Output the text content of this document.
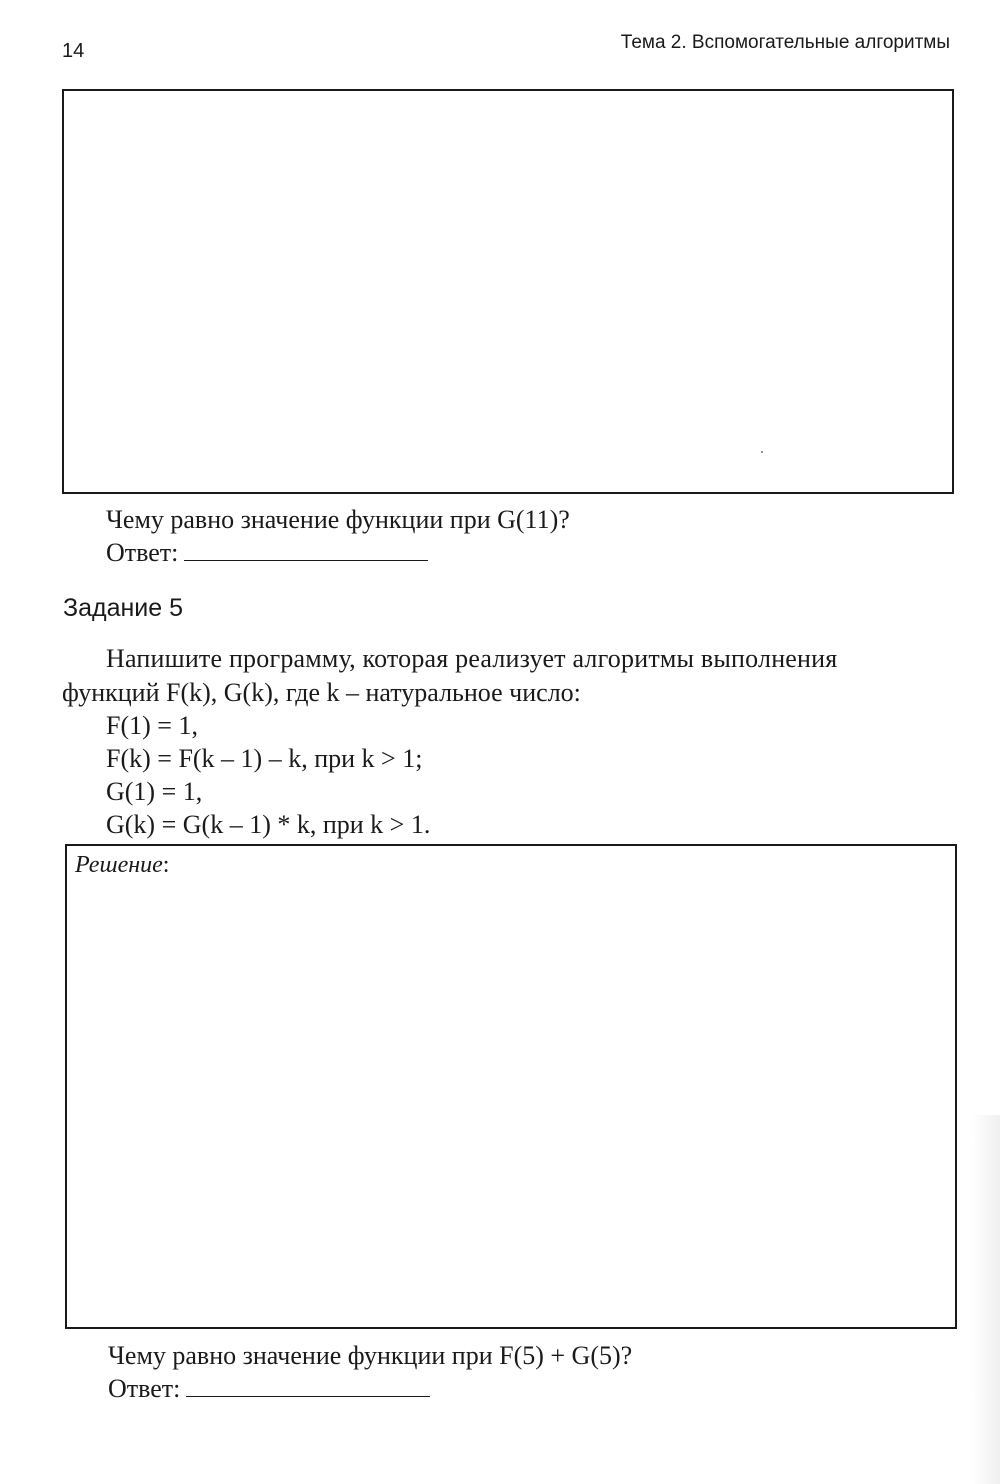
14	Тема 2. Вспомогательные алгоритмы
Чему равно значение функции при G(11)?
Ответ:
Задание 5
Напишите программу, которая реализует алгоритмы выполнения
функций F(k), G(k), где k – натуральное число:
F(1) = 1,
F(k) = F(k – 1) – k, при k > 1;
G(1) = 1,
G(k) = G(k – 1) * k, при k > 1.
Решение:
Чему равно значение функции при F(5) + G(5)?
Ответ:
